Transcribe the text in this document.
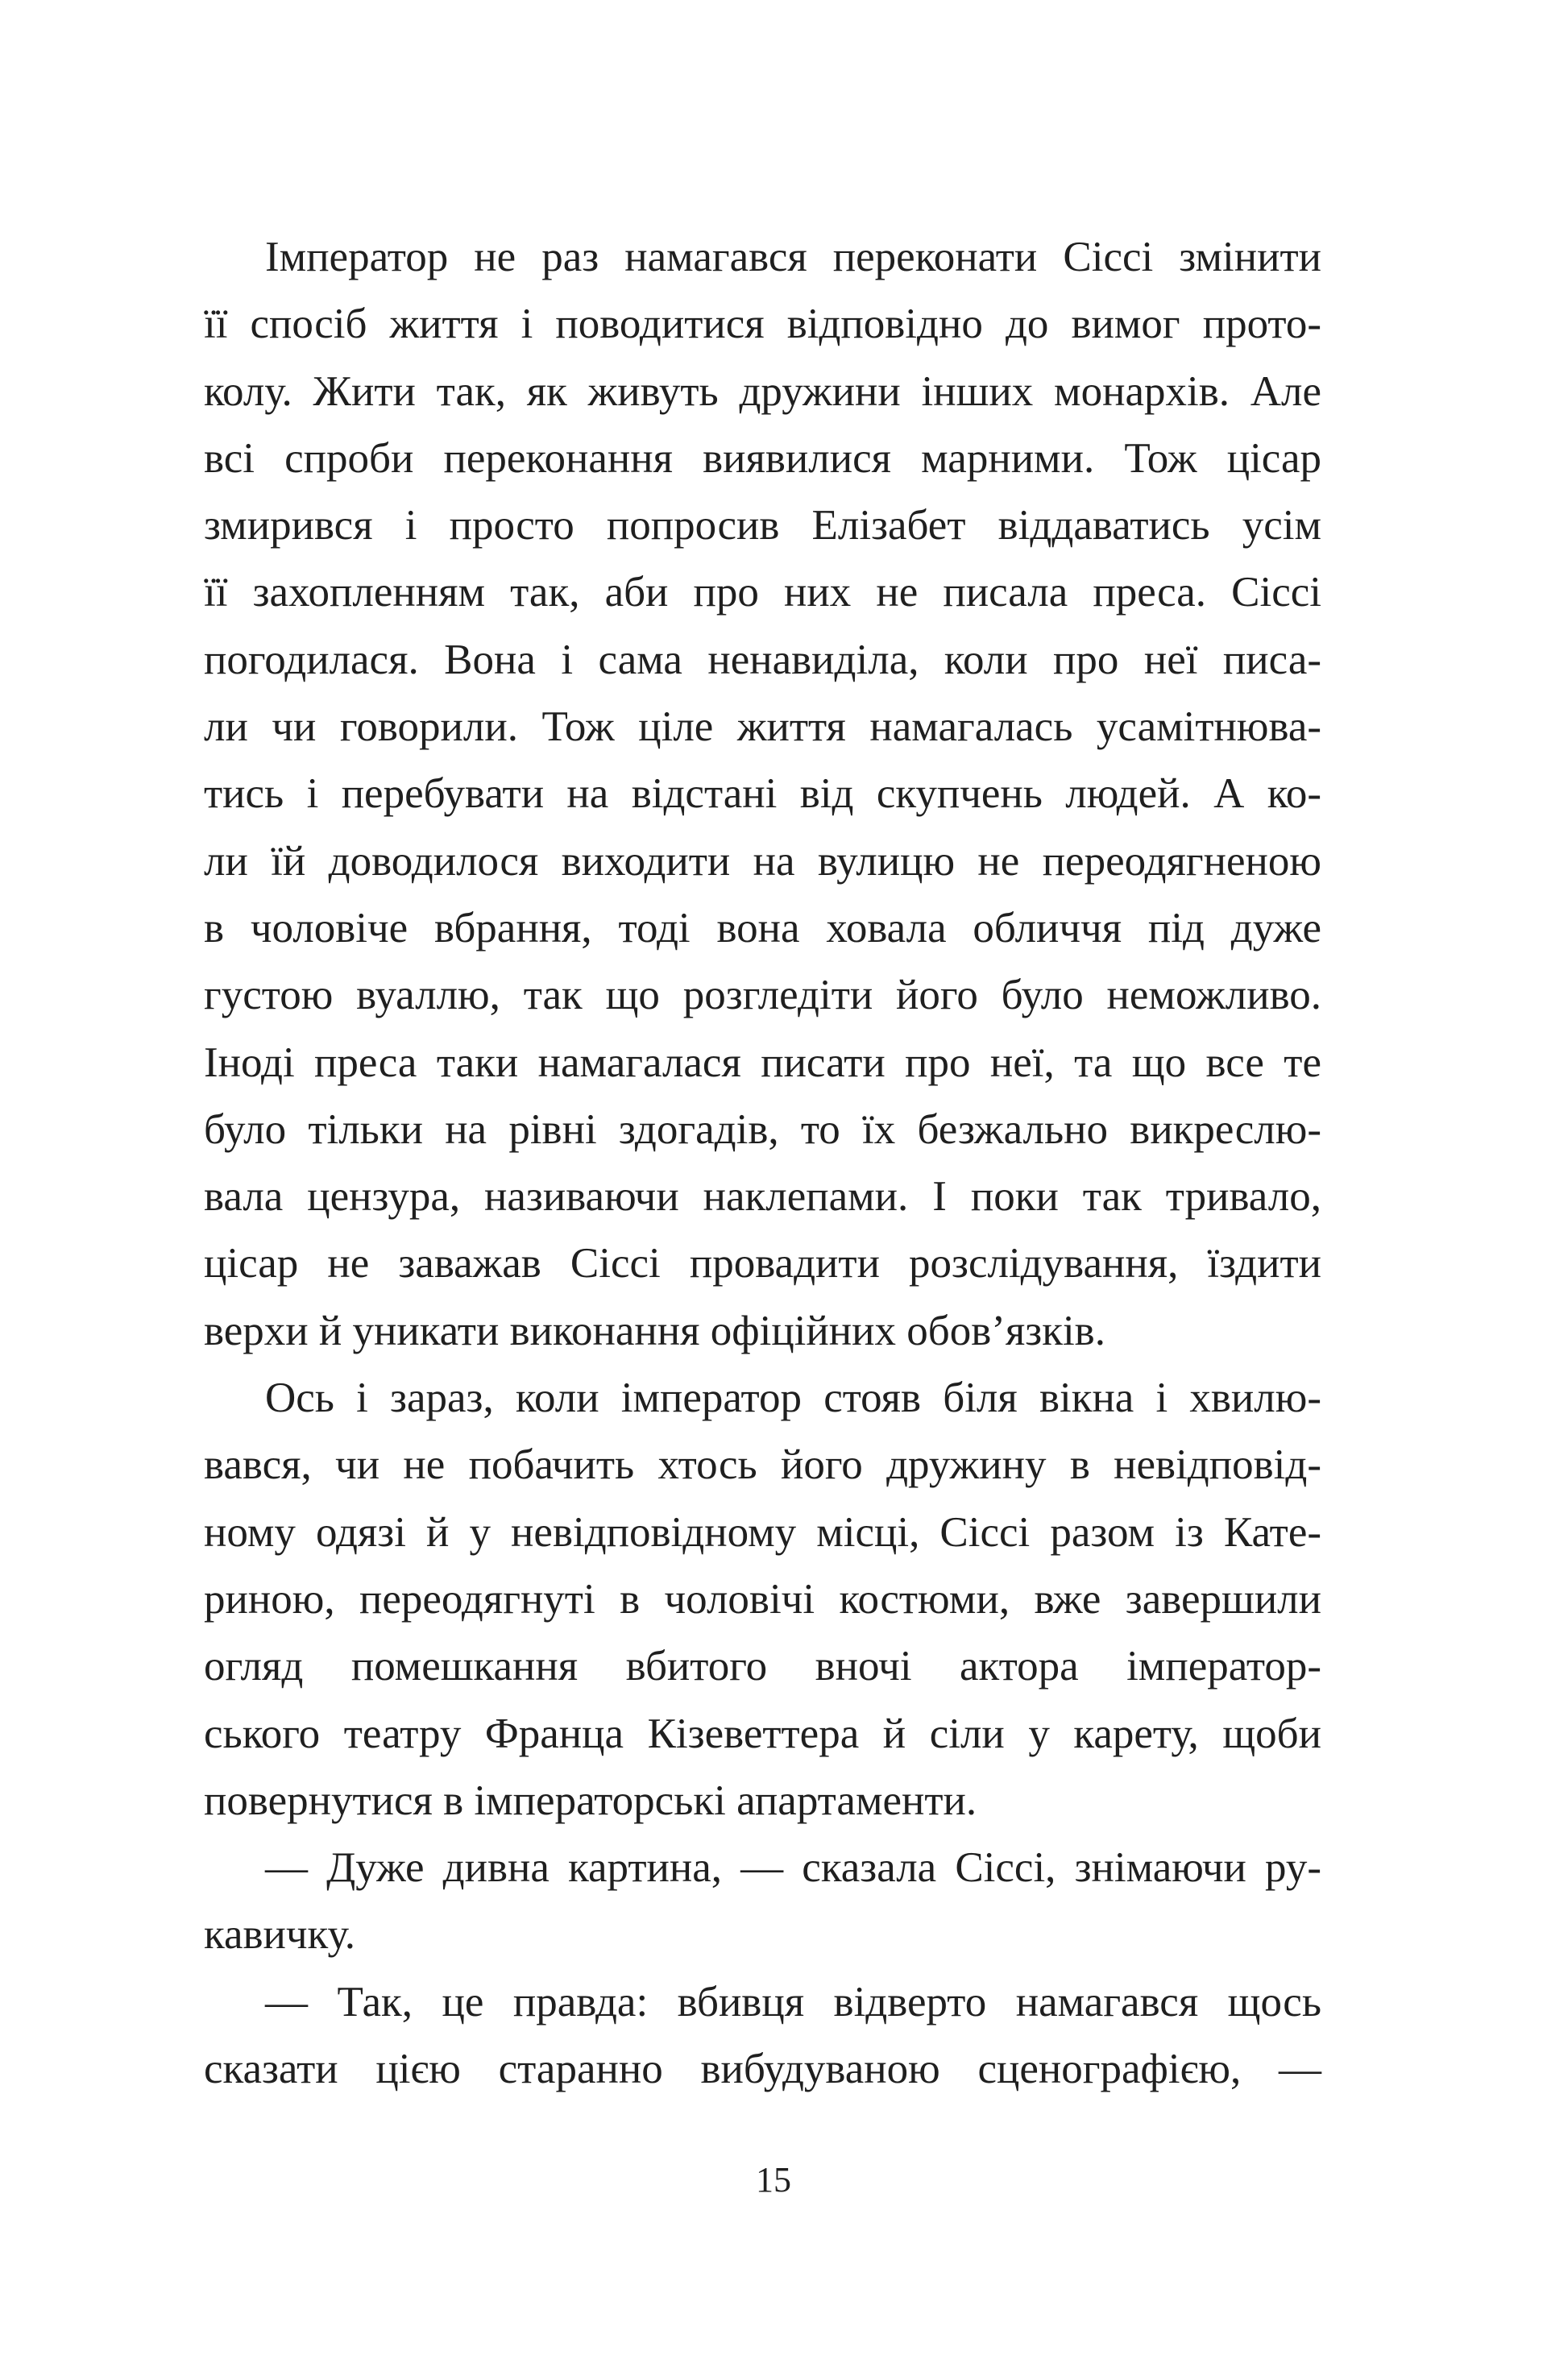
Імператор не раз намагався переконати Сіссі змінити
її спосіб життя і поводитися відповідно до вимог прото-
колу. Жити так, як живуть дружини інших монархів. Але
всі спроби переконання виявилися марними. Тож цісар
змирився і просто попросив Елізабет віддаватись усім
її захопленням так, аби про них не писала преса. Сіссі
погодилася. Вона і сама ненавиділа, коли про неї писа-
ли чи говорили. Тож ціле життя намагалась усамітнюва-
тись і перебувати на відстані від скупчень людей. А ко-
ли їй доводилося виходити на вулицю не переодягненою
в чоловіче вбрання, тоді вона ховала обличчя під дуже
густою вуаллю, так що розгледіти його було неможливо.
Іноді преса таки намагалася писати про неї, та що все те
було тільки на рівні здогадів, то їх безжально викреслю-
вала цензура, називаючи наклепами. І поки так тривало,
цісар не заважав Сіссі провадити розслідування, їздити
верхи й уникати виконання офіційних обов’язків.
Ось і зараз, коли імператор стояв біля вікна і хвилю-
вався, чи не побачить хтось його дружину в невідповід-
ному одязі й у невідповідному місці, Сіссі разом із Кате-
риною, переодягнуті в чоловічі костюми, вже завершили
огляд помешкання вбитого вночі актора імператор-
ського театру Франца Кізеветтера й сіли у карету, щоби
повернутися в імператорські апартаменти.
— Дуже дивна картина, — сказала Сіссі, знімаючи ру-
кавичку.
— Так, це правда: вбивця відверто намагався щось
сказати цією старанно вибудуваною сценографією, —
15
